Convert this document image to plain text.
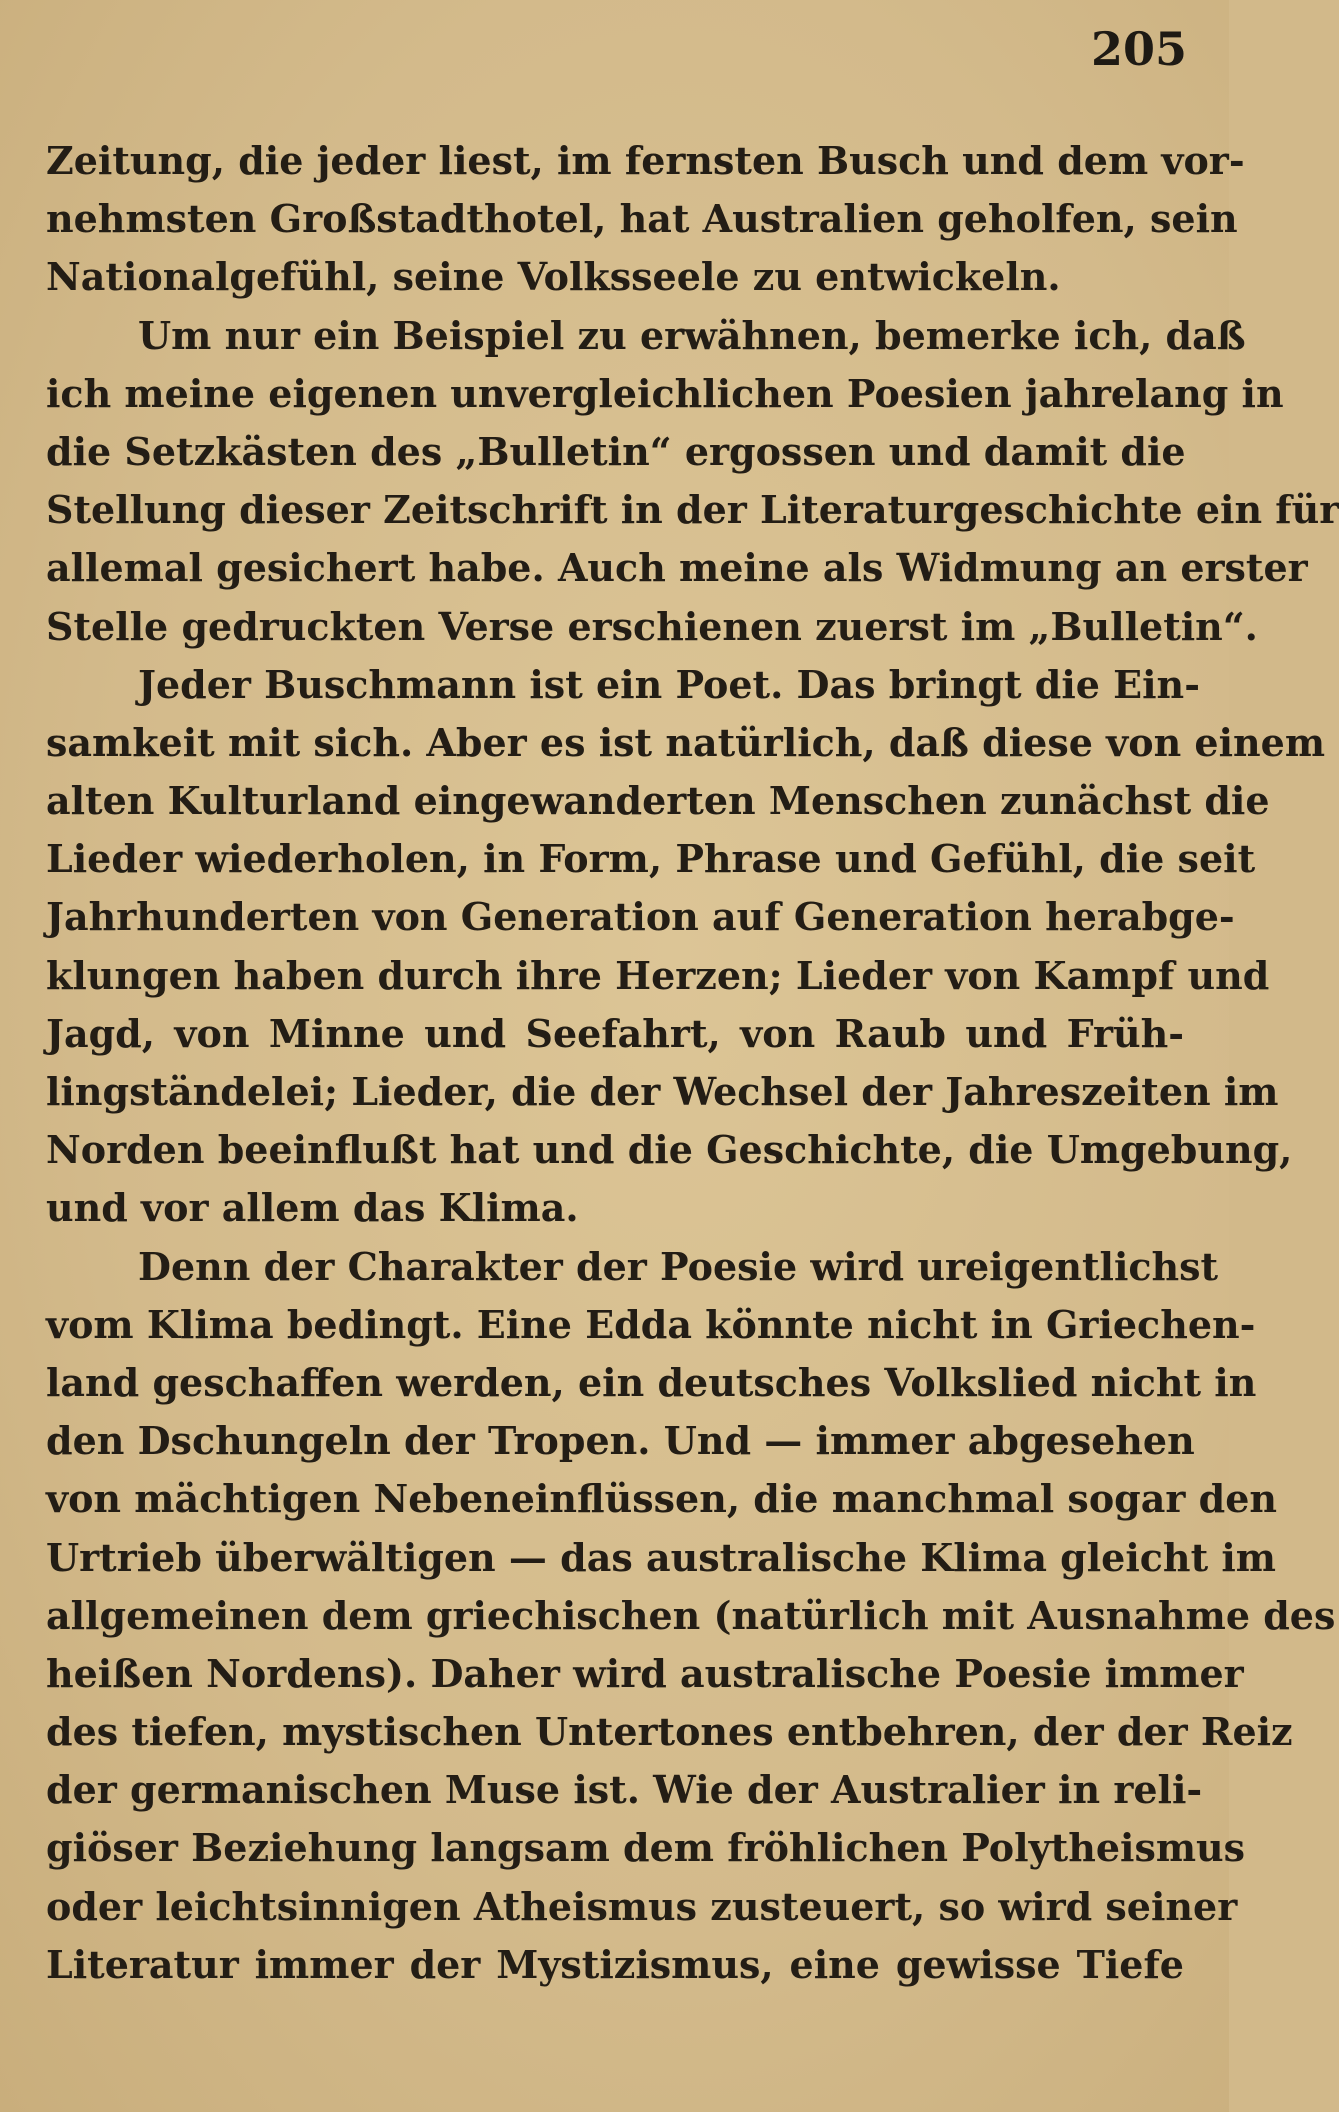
205
Zeitung, die jeder liest, im fernsten Busch und dem vor-
nehmsten Großstadthotel, hat Australien geholfen, sein
Nationalgefühl, seine Volksseele zu entwickeln.
Um nur ein Beispiel zu erwähnen, bemerke ich, daß
ich meine eigenen unvergleichlichen Poesien jahrelang in
die Setzkästen des „Bulletin“ ergossen und damit die
Stellung dieser Zeitschrift in der Literaturgeschichte ein für
allemal gesichert habe. Auch meine als Widmung an erster
Stelle gedruckten Verse erschienen zuerst im „Bulletin“.
Jeder Buschmann ist ein Poet. Das bringt die Ein-
samkeit mit sich. Aber es ist natürlich, daß diese von einem
alten Kulturland eingewanderten Menschen zunächst die
Lieder wiederholen, in Form, Phrase und Gefühl, die seit
Jahrhunderten von Generation auf Generation herabge-
klungen haben durch ihre Herzen; Lieder von Kampf und
Jagd, von Minne und Seefahrt, von Raub und Früh-
lingständelei; Lieder, die der Wechsel der Jahreszeiten im
Norden beeinflußt hat und die Geschichte, die Umgebung,
und vor allem das Klima.
Denn der Charakter der Poesie wird ureigentlichst
vom Klima bedingt. Eine Edda könnte nicht in Griechen-
land geschaffen werden, ein deutsches Volkslied nicht in
den Dschungeln der Tropen. Und — immer abgesehen
von mächtigen Nebeneinflüssen, die manchmal sogar den
Urtrieb überwältigen — das australische Klima gleicht im
allgemeinen dem griechischen (natürlich mit Ausnahme des
heißen Nordens). Daher wird australische Poesie immer
des tiefen, mystischen Untertones entbehren, der der Reiz
der germanischen Muse ist. Wie der Australier in reli-
giöser Beziehung langsam dem fröhlichen Polytheismus
oder leichtsinnigen Atheismus zusteuert, so wird seiner
Literatur immer der Mystizismus, eine gewisse Tiefe
